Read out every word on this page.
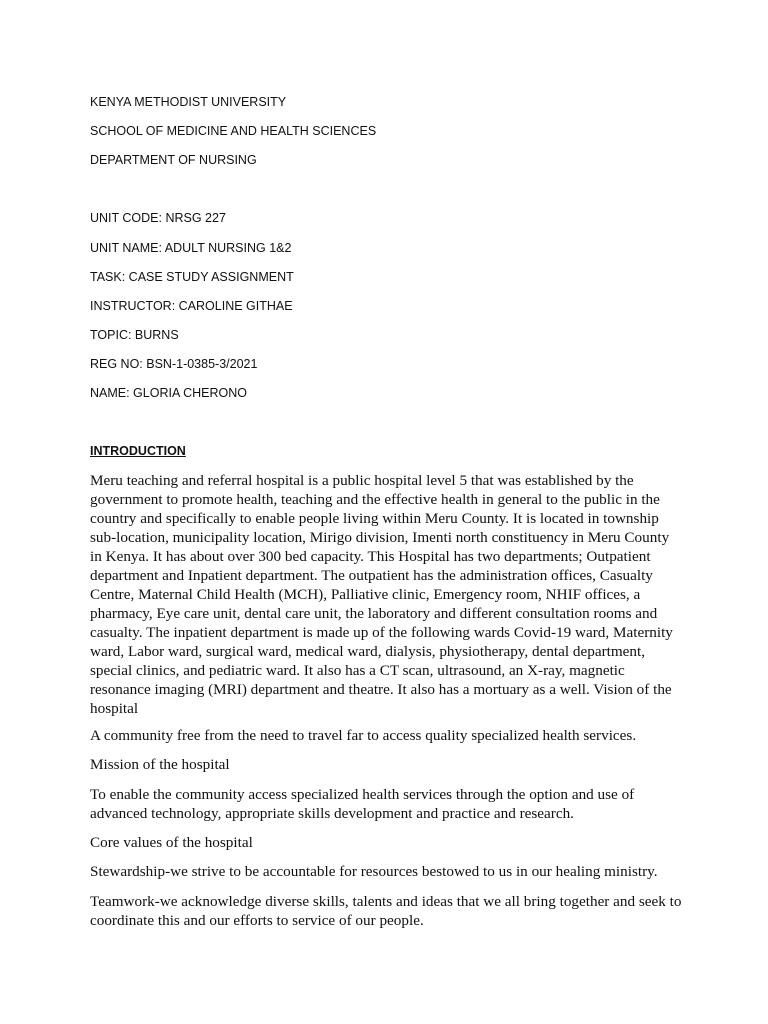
KENYA METHODIST UNIVERSITY
SCHOOL OF MEDICINE AND HEALTH SCIENCES
DEPARTMENT OF NURSING
UNIT CODE: NRSG 227
UNIT NAME: ADULT NURSING 1&2
TASK: CASE STUDY ASSIGNMENT
INSTRUCTOR: CAROLINE GITHAE
TOPIC: BURNS
REG NO: BSN-1-0385-3/2021
NAME: GLORIA CHERONO
INTRODUCTION
Meru teaching and referral hospital is a public hospital level 5 that was established by the
government to promote health, teaching and the effective health in general to the public in the
country and specifically to enable people living within Meru County. It is located in township
sub-location, municipality location, Mirigo division, Imenti north constituency in Meru County
in Kenya. It has about over 300 bed capacity. This Hospital has two departments; Outpatient
department and Inpatient department. The outpatient has the administration offices, Casualty
Centre, Maternal Child Health (MCH), Palliative clinic, Emergency room, NHIF offices, a
pharmacy, Eye care unit, dental care unit, the laboratory and different consultation rooms and
casualty. The inpatient department is made up of the following wards Covid-19 ward, Maternity
ward, Labor ward, surgical ward, medical ward, dialysis, physiotherapy, dental department,
special clinics, and pediatric ward. It also has a CT scan, ultrasound, an X-ray, magnetic
resonance imaging (MRI) department and theatre. It also has a mortuary as a well. Vision of the
hospital
A community free from the need to travel far to access quality specialized health services.
Mission of the hospital
To enable the community access specialized health services through the option and use of
advanced technology, appropriate skills development and practice and research.
Core values of the hospital
Stewardship-we strive to be accountable for resources bestowed to us in our healing ministry.
Teamwork-we acknowledge diverse skills, talents and ideas that we all bring together and seek to
coordinate this and our efforts to service of our people.
